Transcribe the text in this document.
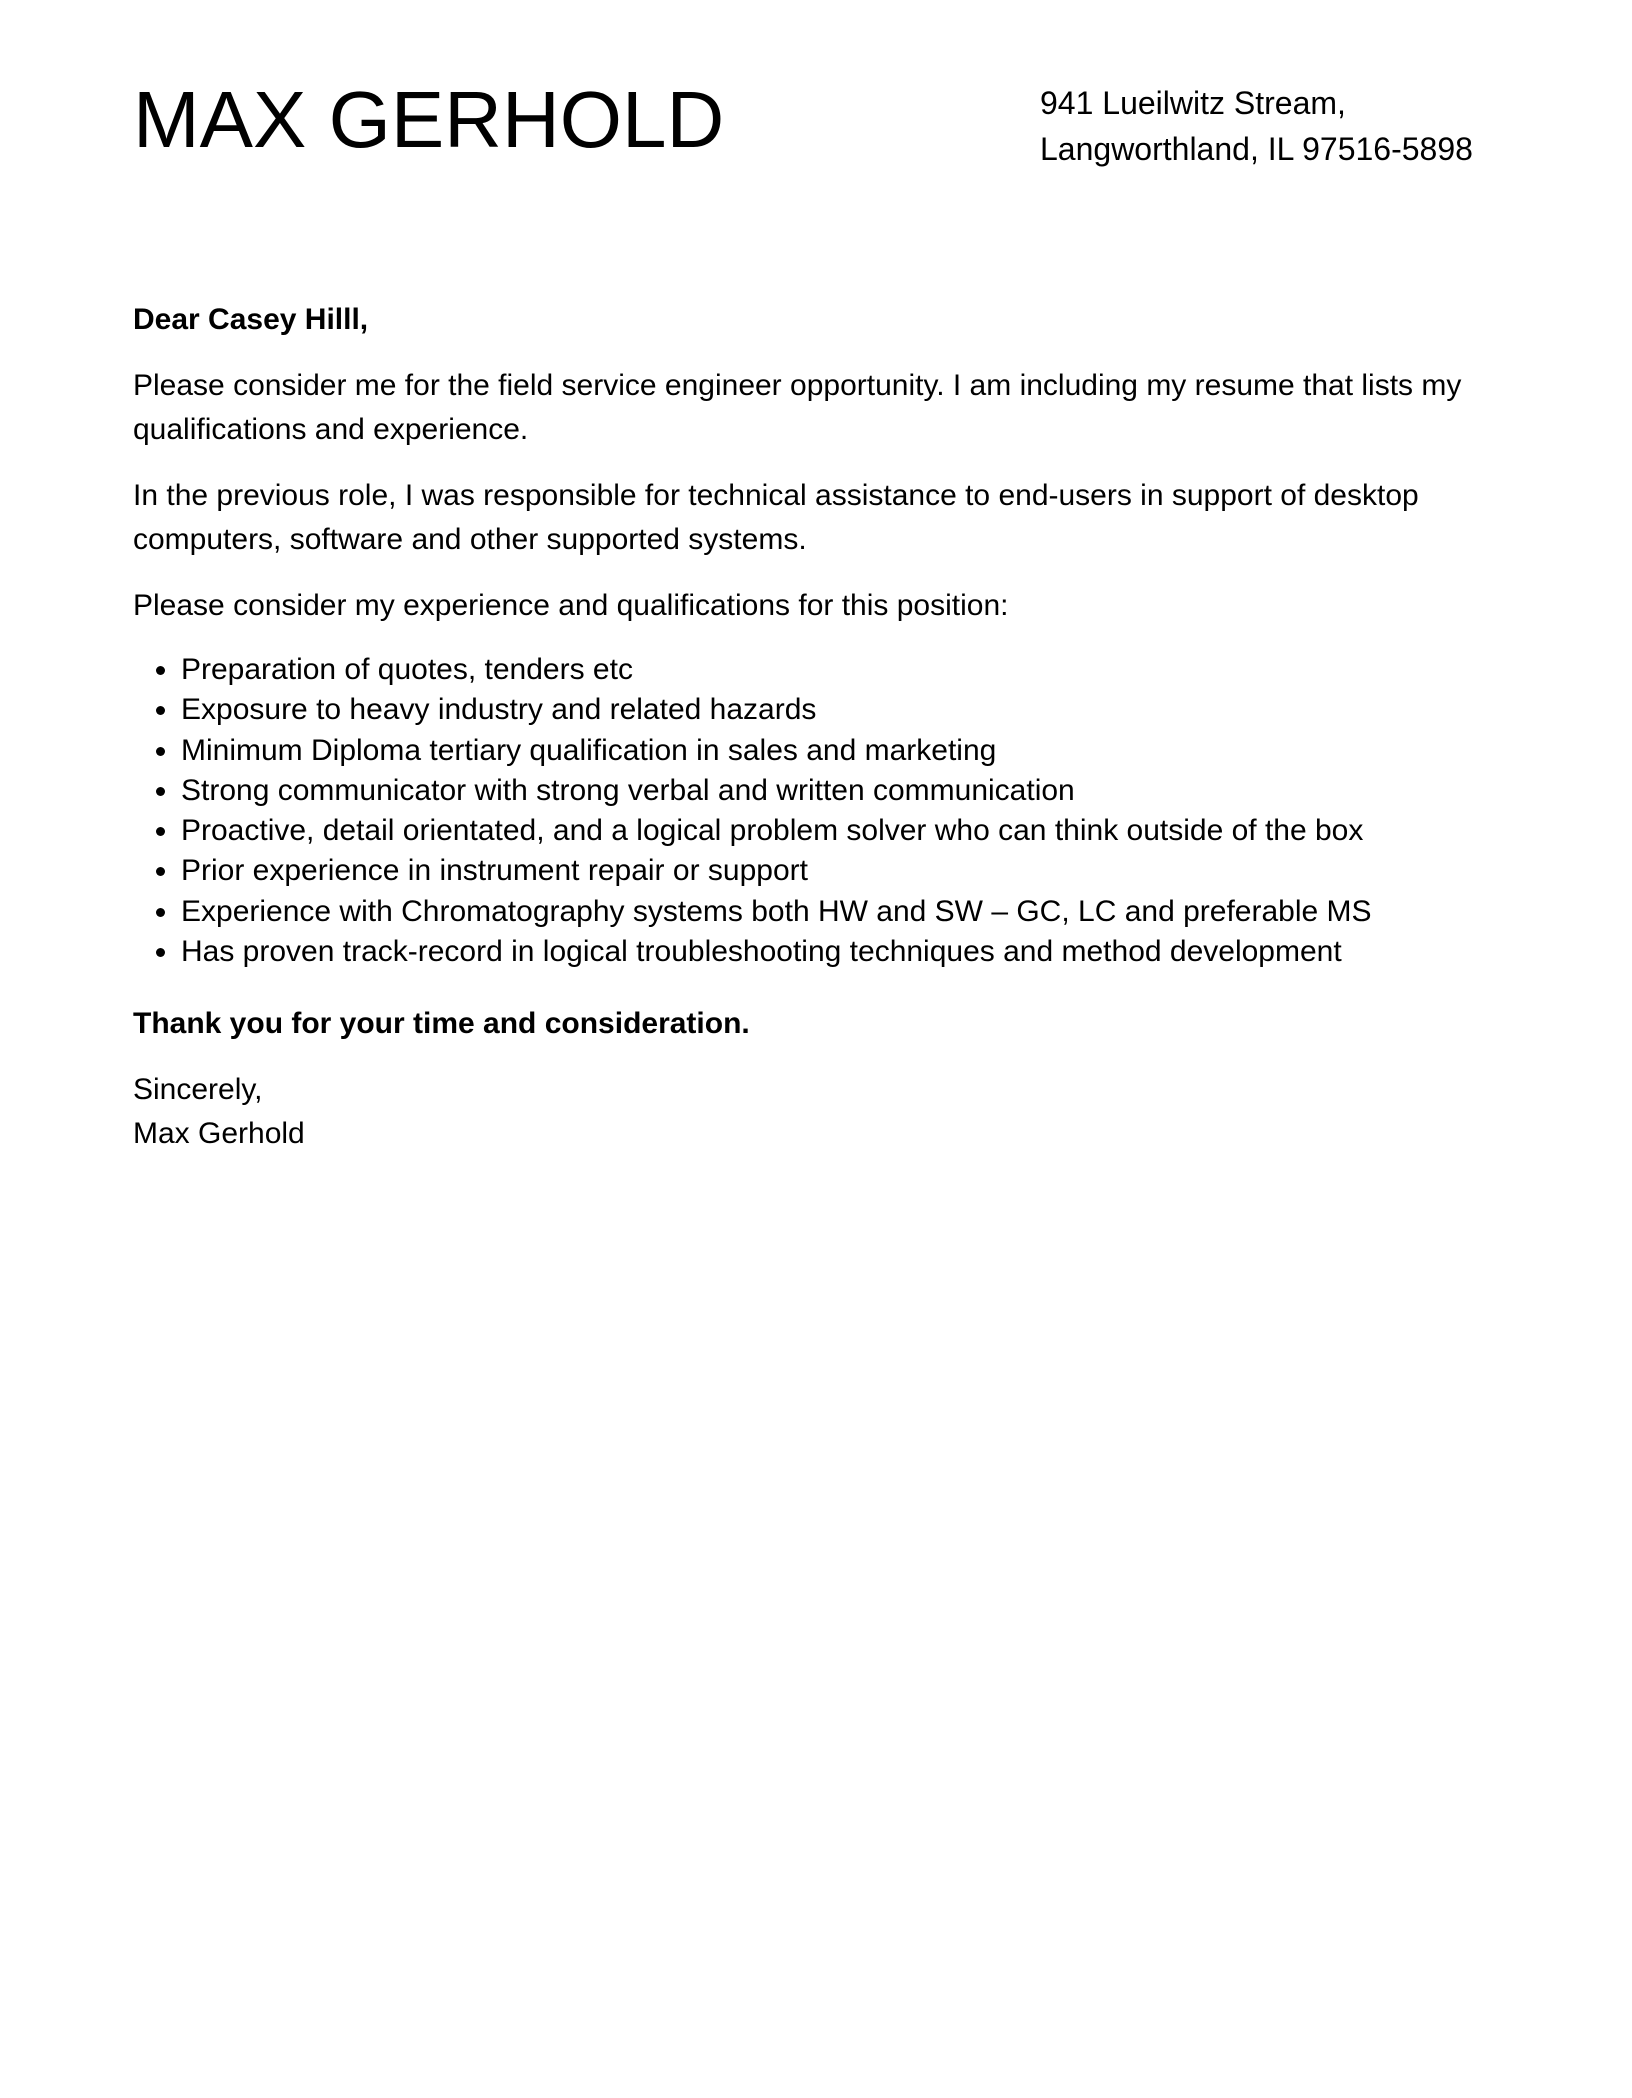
MAX GERHOLD	941 Lueilwitz Stream,
Langworthland, IL 97516-5898

Dear Casey Hilll,

Please consider me for the field service engineer opportunity. I am including my resume that lists my qualifications and experience.

In the previous role, I was responsible for technical assistance to end-users in support of desktop computers, software and other supported systems.

Please consider my experience and qualifications for this position:

Preparation of quotes, tenders etc
Exposure to heavy industry and related hazards
Minimum Diploma tertiary qualification in sales and marketing
Strong communicator with strong verbal and written communication
Proactive, detail orientated, and a logical problem solver who can think outside of the box
Prior experience in instrument repair or support
Experience with Chromatography systems both HW and SW – GC, LC and preferable MS
Has proven track-record in logical troubleshooting techniques and method development

Thank you for your time and consideration.

Sincerely,

Max Gerhold
